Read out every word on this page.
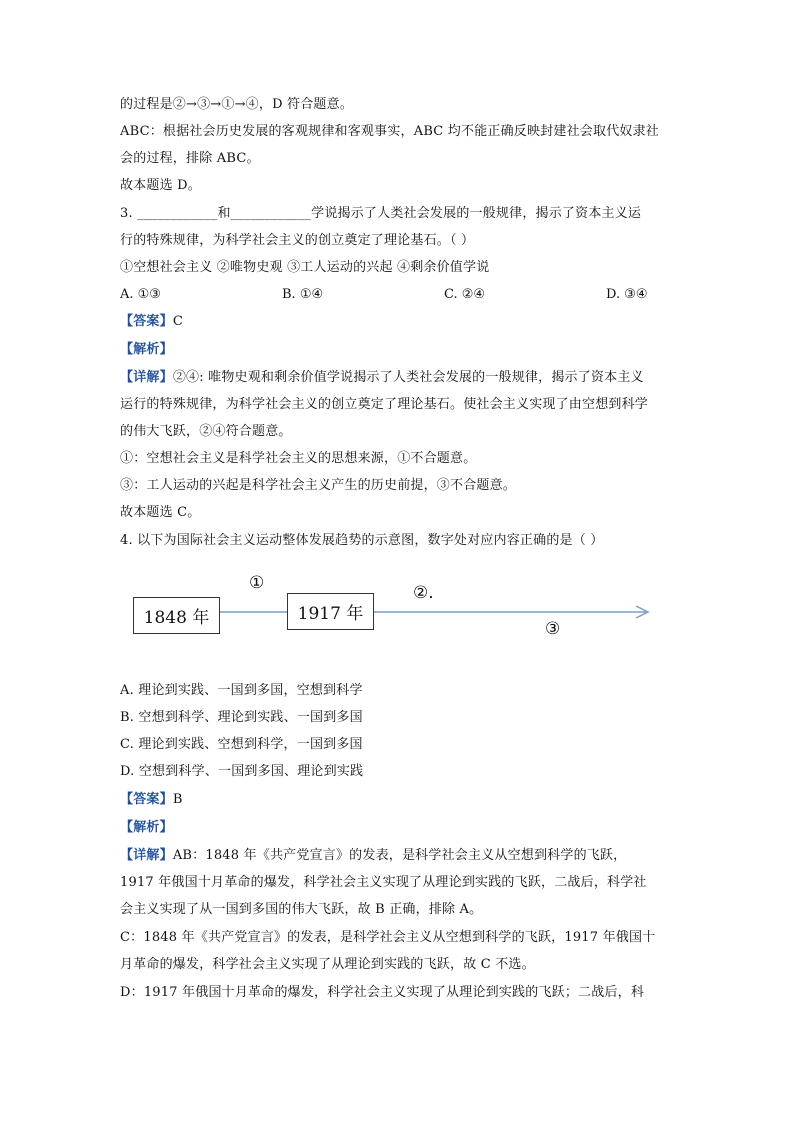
的过程是②→③→①→④，D 符合题意。
ABC：根据社会历史发展的客观规律和客观事实，ABC 均不能正确反映封建社会取代奴隶社
会的过程，排除 ABC。
故本题选 D。
3. ____________和____________学说揭示了人类社会发展的一般规律，揭示了资本主义运
行的特殊规律，为科学社会主义的创立奠定了理论基石。（ ）
①空想社会主义 ②唯物史观 ③工人运动的兴起 ④剩余价值学说
A. ①③	B. ①④	C. ②④	D. ③④
【答案】C
【解析】
【详解】②④: 唯物史观和剩余价值学说揭示了人类社会发展的一般规律，揭示了资本主义
运行的特殊规律，为科学社会主义的创立奠定了理论基石。使社会主义实现了由空想到科学
的伟大飞跃，②④符合题意。
①：空想社会主义是科学社会主义的思想来源，①不合题意。
③：工人运动的兴起是科学社会主义产生的历史前提，③不合题意。
故本题选 C。
4. 以下为国际社会主义运动整体发展趋势的示意图，数字处对应内容正确的是（ ）
1848 年	1917 年
①	②.
③
A. 理论到实践、一国到多国，空想到科学
B. 空想到科学、理论到实践、一国到多国
C. 理论到实践、空想到科学，一国到多国
D. 空想到科学、一国到多国、理论到实践
【答案】B
【解析】
【详解】AB：1848 年《共产党宣言》的发表，是科学社会主义从空想到科学的飞跃，
1917 年俄国十月革命的爆发，科学社会主义实现了从理论到实践的飞跃，二战后，科学社
会主义实现了从一国到多国的伟大飞跃，故 B 正确，排除 A。
C：1848 年《共产党宣言》的发表，是科学社会主义从空想到科学的飞跃，1917 年俄国十
月革命的爆发，科学社会主义实现了从理论到实践的飞跃，故 C 不选。
D：1917 年俄国十月革命的爆发，科学社会主义实现了从理论到实践的飞跃；二战后，科
